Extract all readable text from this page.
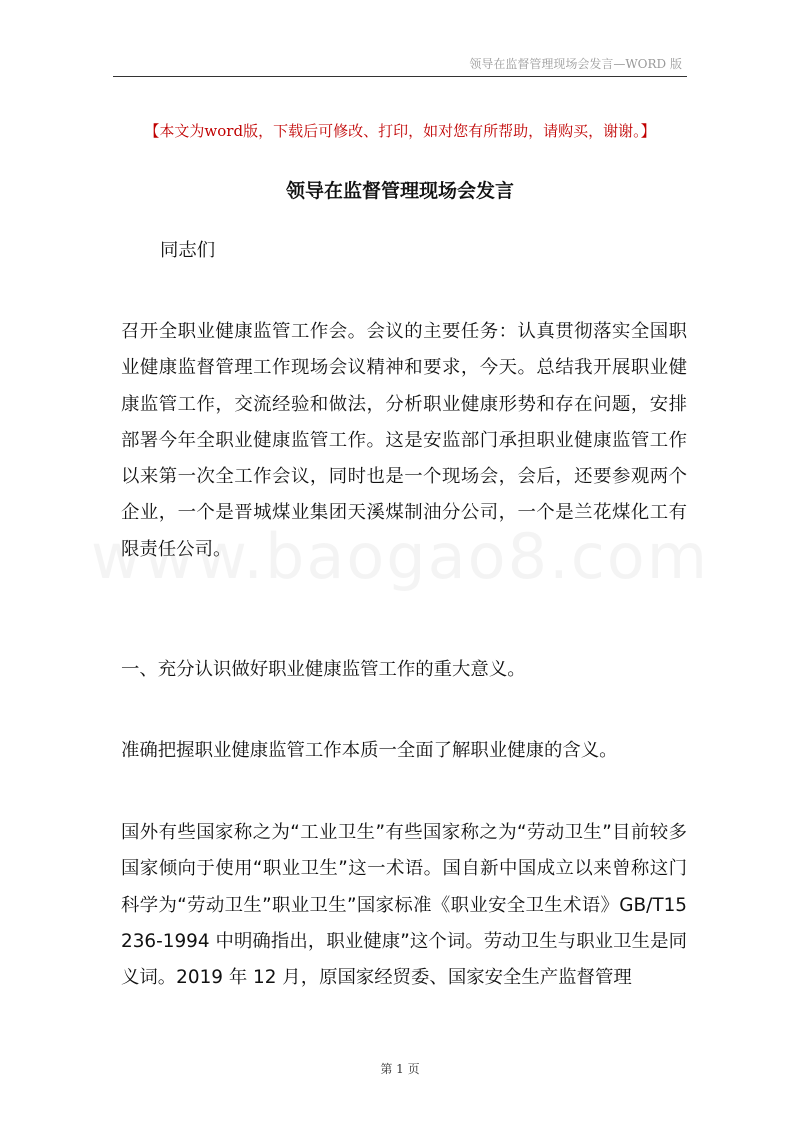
领导在监督管理现场会发言—WORD 版
【本文为word版，下载后可修改、打印，如对您有所帮助，请购买，谢谢。】
领导在监督管理现场会发言
同志们
召开全职业健康监管工作会。会议的主要任务：认真贯彻落实全国职业健康监督管理工作现场会议精神和要求，今天。总结我开展职业健康监管工作，交流经验和做法，分析职业健康形势和存在问题，安排部署今年全职业健康监管工作。这是安监部门承担职业健康监管工作以来第一次全工作会议，同时也是一个现场会，会后，还要参观两个企业，一个是晋城煤业集团天溪煤制油分公司，一个是兰花煤化工有限责任公司。
一、充分认识做好职业健康监管工作的重大意义。
准确把握职业健康监管工作本质一全面了解职业健康的含义。
国外有些国家称之为“工业卫生”有些国家称之为“劳动卫生”目前较多国家倾向于使用“职业卫生”这一术语。国自新中国成立以来曾称这门科学为“劳动卫生”职业卫生”国家标准《职业安全卫生术语》GB/T15236-1994 中明确指出，职业健康”这个词。劳动卫生与职业卫生是同义词。2019 年 12 月，原国家经贸委、国家安全生产监督管理
第 1 页
